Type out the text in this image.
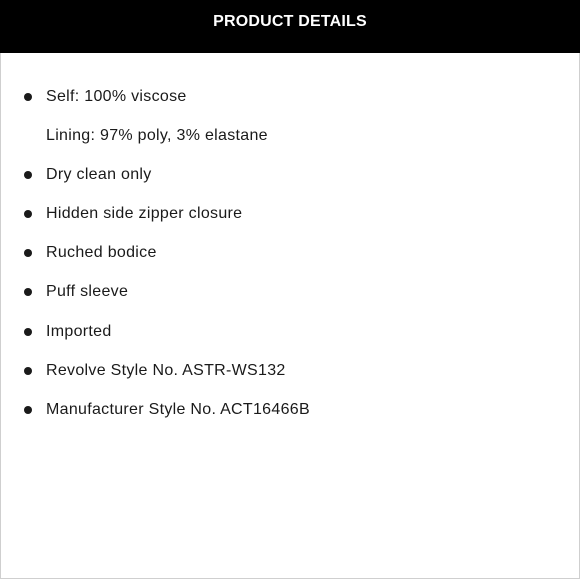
PRODUCT DETAILS
Self: 100% viscose
Lining: 97% poly, 3% elastane
Dry clean only
Hidden side zipper closure
Ruched bodice
Puff sleeve
Imported
Revolve Style No. ASTR-WS132
Manufacturer Style No. ACT16466B
